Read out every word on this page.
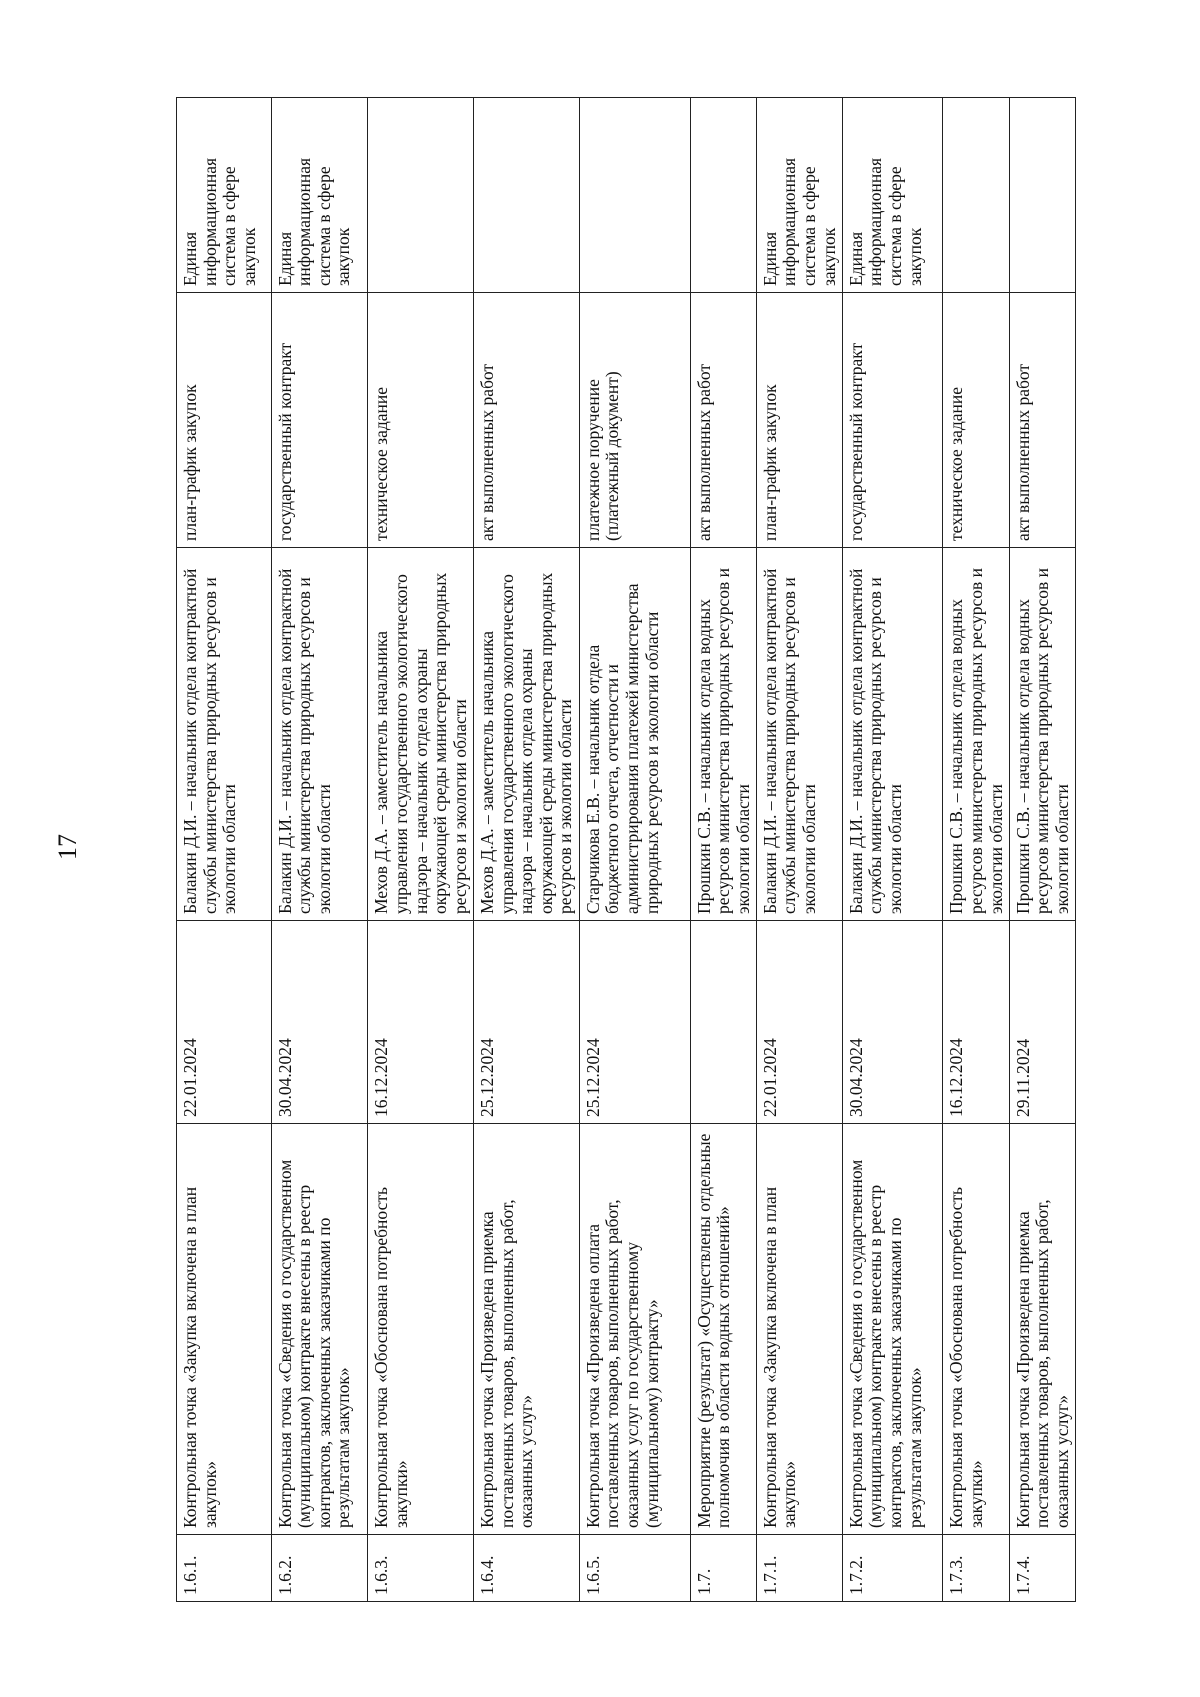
17
1.6.1.	Контрольная точка «Закупка включена в план закупок»	22.01.2024	Балакин Д.И. – начальник отдела контрактной службы министерства природных ресурсов и экологии области	план-график закупок	Единая информационная система в сфере закупок
1.6.2.	Контрольная точка «Сведения о государственном (муниципальном) контракте внесены в реестр контрактов, заключенных заказчиками по результатам закупок»	30.04.2024	Балакин Д.И. – начальник отдела контрактной службы министерства природных ресурсов и экологии области	государственный контракт	Единая информационная система в сфере закупок
1.6.3.	Контрольная точка «Обоснована потребность закупки»	16.12.2024	Мехов Д.А. – заместитель начальника управления государственного экологического надзора – начальник отдела охраны окружающей среды министерства природных ресурсов и экологии области	техническое задание	
1.6.4.	Контрольная точка «Произведена приемка поставленных товаров, выполненных работ, оказанных услуг»	25.12.2024	Мехов Д.А. – заместитель начальника управления государственного экологического надзора – начальник отдела охраны окружающей среды министерства природных ресурсов и экологии области	акт выполненных работ	
1.6.5.	Контрольная точка «Произведена оплата поставленных товаров, выполненных работ, оказанных услуг по государственному (муниципальному) контракту»	25.12.2024	Старчикова Е.В. – начальник отдела бюджетного отчета, отчетности и администрирования платежей министерства природных ресурсов и экологии области	платежное поручение (платежный документ)	
1.7.	Мероприятие (результат) «Осуществлены отдельные полномочия в области водных отношений»		Прошкин С.В. – начальник отдела водных ресурсов министерства природных ресурсов и экологии области	акт выполненных работ	
1.7.1.	Контрольная точка «Закупка включена в план закупок»	22.01.2024	Балакин Д.И. – начальник отдела контрактной службы министерства природных ресурсов и экологии области	план-график закупок	Единая информационная система в сфере закупок
1.7.2.	Контрольная точка «Сведения о государственном (муниципальном) контракте внесены в реестр контрактов, заключенных заказчиками по результатам закупок»	30.04.2024	Балакин Д.И. – начальник отдела контрактной службы министерства природных ресурсов и экологии области	государственный контракт	Единая информационная система в сфере закупок
1.7.3.	Контрольная точка «Обоснована потребность закупки»	16.12.2024	Прошкин С.В. – начальник отдела водных ресурсов министерства природных ресурсов и экологии области	техническое задание	
1.7.4.	Контрольная точка «Произведена приемка поставленных товаров, выполненных работ, оказанных услуг»	29.11.2024	Прошкин С.В. – начальник отдела водных ресурсов министерства природных ресурсов и экологии области	акт выполненных работ	
